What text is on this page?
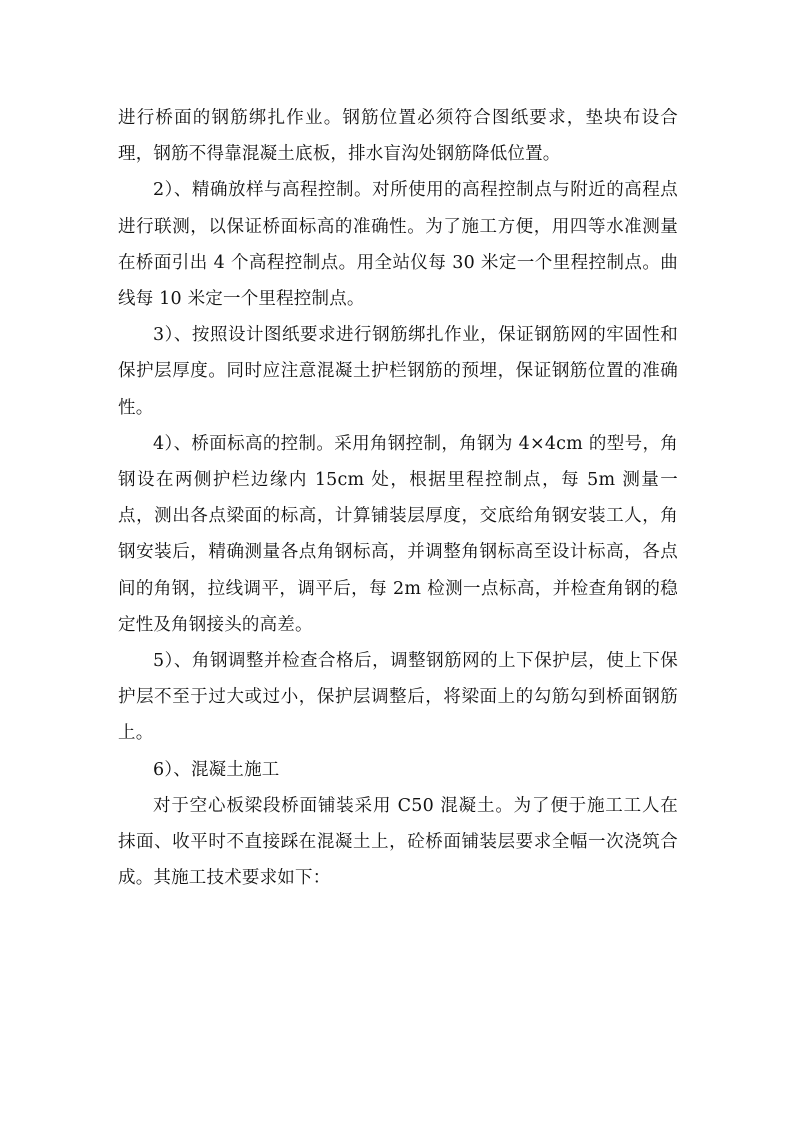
进行桥面的钢筋绑扎作业。钢筋位置必须符合图纸要求，垫块布设合理，钢筋不得靠混凝土底板，排水盲沟处钢筋降低位置。

2）、精确放样与高程控制。对所使用的高程控制点与附近的高程点进行联测，以保证桥面标高的准确性。为了施工方便，用四等水准测量在桥面引出 4 个高程控制点。用全站仪每 30 米定一个里程控制点。曲线每 10 米定一个里程控制点。

3）、按照设计图纸要求进行钢筋绑扎作业，保证钢筋网的牢固性和保护层厚度。同时应注意混凝土护栏钢筋的预埋，保证钢筋位置的准确性。

4）、桥面标高的控制。采用角钢控制，角钢为 4×4cm 的型号，角钢设在两侧护栏边缘内 15cm 处，根据里程控制点，每 5m 测量一点，测出各点梁面的标高，计算铺装层厚度，交底给角钢安装工人，角钢安装后，精确测量各点角钢标高，并调整角钢标高至设计标高，各点间的角钢，拉线调平，调平后，每 2m 检测一点标高，并检查角钢的稳定性及角钢接头的高差。

5）、角钢调整并检查合格后，调整钢筋网的上下保护层，使上下保护层不至于过大或过小，保护层调整后，将梁面上的勾筋勾到桥面钢筋上。

6）、混凝土施工

对于空心板梁段桥面铺装采用 C50 混凝土。为了便于施工工人在抹面、收平时不直接踩在混凝土上，砼桥面铺装层要求全幅一次浇筑合成。其施工技术要求如下：
